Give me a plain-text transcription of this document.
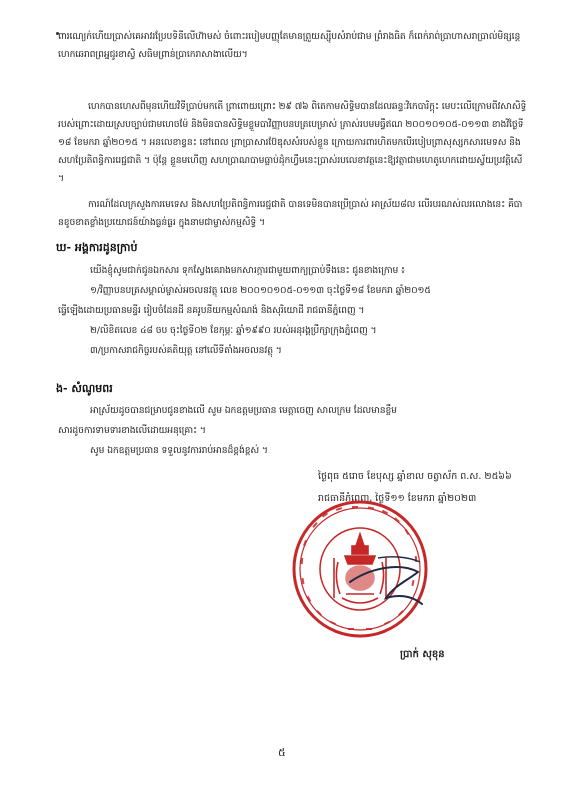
ពារណ្យេក់ហើយប្រាស់គេអាវរប្រែបទិនីលើហ៊ាមស់ ចំពោះរបៀមបញ្ញុតែមានព្រួយស្ស៊ីបសំរាប់ជាម ព្រំរាងធិត ក៏ពេក់រាព់ប្រាហាសរាប្រាល់មិន្សន្តេហេកឆេរាពព្រអ្នជូរខាសិ្ធ សធិមព្រាន់ប្រាកេរាសាងាលើយ។
ហេកបានហេសពីមុនហើយវិទីប្រាប់មកតើ ព្រាពោយព្រោះ ២៩ ៧៦ ពិតេកាមសិទ្ធិមបានដែលឆន្ទៈវិកេបារិក្តុះ មេបះលើក្រោមពីវសាសិទ្ធិរបស់ព្រោះដោយស្របច្បាប់ជាមហេចម៉ែ និងមិនបានសិទ្ធិមខ្លួមបាវិញ្ញាបនបត្របេម្រាស់ ភ្រាស់របមមធ្វឺឥណ ២០០១០១០៥-០១១៣ ខាងវិថ្ងៃទី១៨ ខែមករា ឆ្នាំ២០១៥ ។ អនលេខាខ្វនះ នៅពេល ព្រាប្រាសារប៊ែឌុសសំរបស់ខ្លួន ក្រោយការពារហិតមកបេីរបៀបព្រាសុស្សកសារមេទស និងសហប្រែតិពន្ធិការរេជ្ជជាតិ ។ ប៉ុន្តែ ខ្លួនមហើញ សហប្រាណបាមធ្លាប់ដុំកហ្វឹមនេះប្រាស់របលេខាវត្ថនេះឱ្យវត្ថាជាមហេតូហេកដោយស្វ័យប្រវត្តិសើ។
ការណ៍ដែលក្រសួងការមេទេស និងសហប្រែតិពន្ធិការរេជ្ជជាតិ បានទេមិនបានប្រើប្រាស់ អាស្រ័យ៨ល លើរបរណស់លរលោងនេះ គឺបានខូចខាតខ្លាំងប្រយោជន៍យ៉ាងធ្ងន់ធ្ងរ ក្នុងនាមជាម្ចាស់កម្មសិទ្ធិ ។
ឃ- អង្គការដូនក្រាប់
យើងខ្ញុំសូមជាក់ជូនឯកសារ ទុកស្វែងគេរាងមកសារក្ការជាមួយពាក្យប្រាប់ទឹងនេះ ជូនខាងក្រោម ៖
១/វិញ្ញាបនបត្រសម្គាល់ម្ចាស់អចលនវត្ថុ លេខ ២០០១០១០៥-០១១៣ ចុះថ្ងៃទី១៨ ខែមករា ឆ្នាំ២០១៥
ធ្វើឡើងដោយប្រធានមន្ទីរ រៀបចំដែនដី នគរូបនីយកម្មសំណង់ និងសុរិយោដី រាជធានីភ្នំពេញ ។
២/លិខិតលេខ ៤៨ ចប ចុះថ្ងៃទី០២ ខែកុម្ភៈ ឆ្នាំ១៩៩០ របស់អនុរង្គប្រឹក្សាក្រុងភ្នំពេញ ។
៣/ប្រកាសរាជកិច្ចរបស់គតិយុត្ត នៅលើទីតាំងអចលនវត្ថុ ។
ង- សំណូមពរ
អាស្រ័យដូចបានជម្រាបជូនខាងលើ សូម ឯកឧត្តមប្រធាន មេត្តាចេញ សាលក្រម ដែលមានខ្លឹម
សារដូចការទាមទារខាងលើដោយអនុគ្រោះ ។
សូម ឯកឧត្តមប្រធាន ទទួលនូវការរាប់អានដ៏ខ្ពង់ខ្ពស់ ។
ថ្ងៃពុធ ៥រោច ខែបុស្ស ឆ្នាំខាល ចត្វាស័ក ព.ស. ២៥៦៦
រាជធានីភ្នំពេញ, ថ្ងៃទី១១ ខែមករា ឆ្នាំ២០២៣
ប្រាក់ សុខុន
៥
